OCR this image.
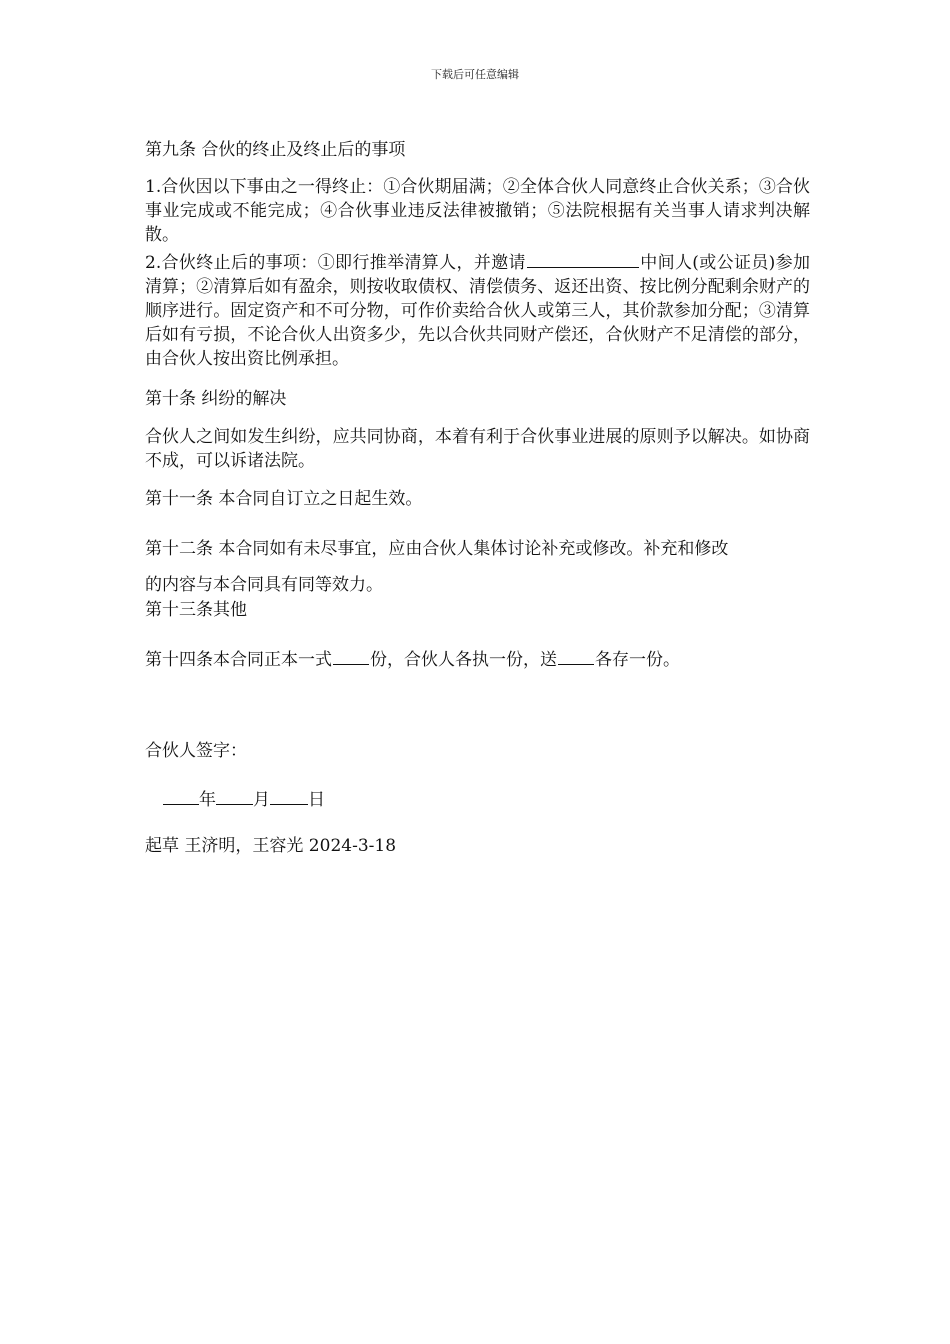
下载后可任意编辑
第九条 合伙的终止及终止后的事项
1.合伙因以下事由之一得终止：①合伙期届满；②全体合伙人同意终止合伙关系；③合伙事业完成或不能完成；④合伙事业违反法律被撤销；⑤法院根据有关当事人请求判决解散。
2.合伙终止后的事项：①即行推举清算人，并邀请	中间人(或公证员)参加清算；②清算后如有盈余，则按收取债权、清偿债务、返还出资、按比例分配剩余财产的顺序进行。固定资产和不可分物，可作价卖给合伙人或第三人，其价款参加分配；③清算后如有亏损，不论合伙人出资多少，先以合伙共同财产偿还，合伙财产不足清偿的部分，由合伙人按出资比例承担。
第十条 纠纷的解决
合伙人之间如发生纠纷，应共同协商，本着有利于合伙事业进展的原则予以解决。如协商不成，可以诉诸法院。
第十一条 本合同自订立之日起生效。
第十二条 本合同如有未尽事宜，应由合伙人集体讨论补充或修改。补充和修改
的内容与本合同具有同等效力。
第十三条其他
第十四条本合同正本一式 份，合伙人各执一份，送 各存一份。
合伙人签字：
年 月 日
起草 王济明，王容光 2024-3-18
